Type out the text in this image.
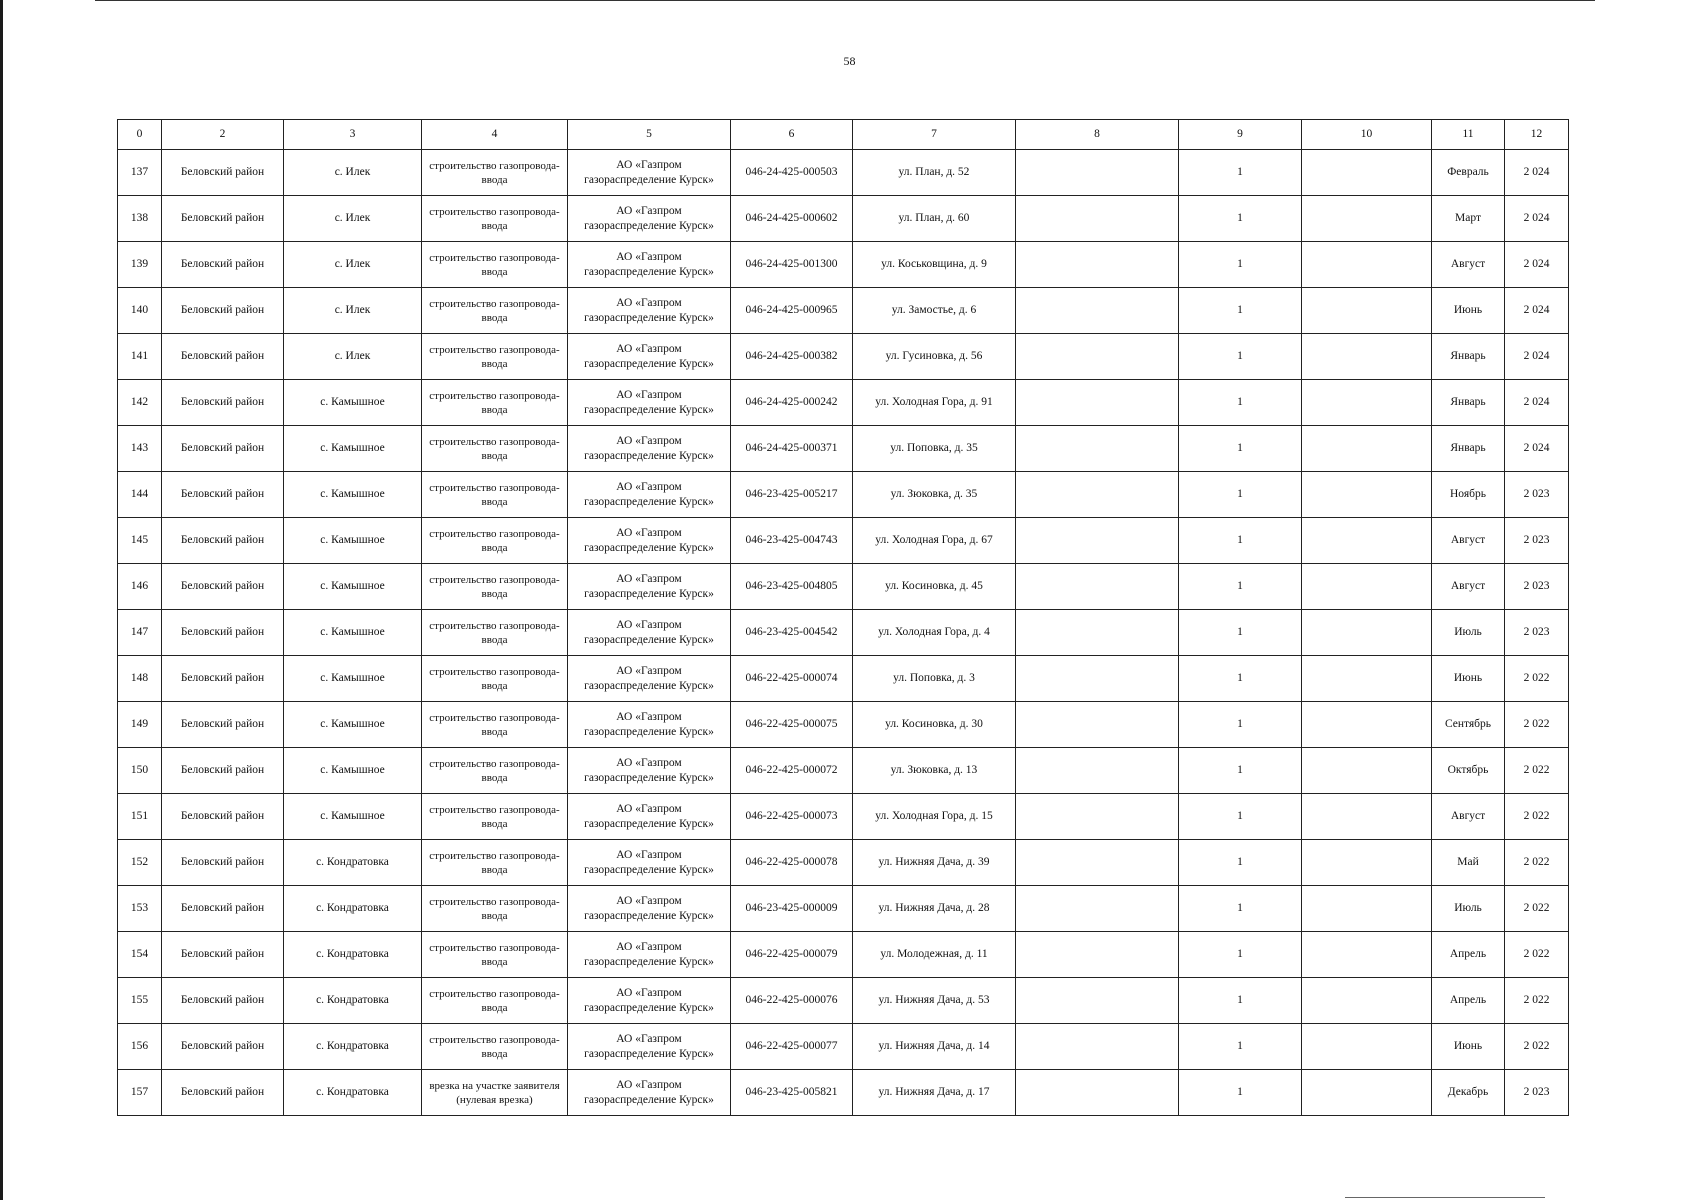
58
0	2	3	4	5	6	7	8	9	10	11	12
137	Беловский район	с. Илек	строительство газопровода-ввода	АО «Газпром газораспределение Курск»	046-24-425-000503	ул. План, д. 52		1		Февраль	2 024
138	Беловский район	с. Илек	строительство газопровода-ввода	АО «Газпром газораспределение Курск»	046-24-425-000602	ул. План, д. 60		1		Март	2 024
139	Беловский район	с. Илек	строительство газопровода-ввода	АО «Газпром газораспределение Курск»	046-24-425-001300	ул. Коськовщина, д. 9		1		Август	2 024
140	Беловский район	с. Илек	строительство газопровода-ввода	АО «Газпром газораспределение Курск»	046-24-425-000965	ул. Замостье, д. 6		1		Июнь	2 024
141	Беловский район	с. Илек	строительство газопровода-ввода	АО «Газпром газораспределение Курск»	046-24-425-000382	ул. Гусиновка, д. 56		1		Январь	2 024
142	Беловский район	с. Камышное	строительство газопровода-ввода	АО «Газпром газораспределение Курск»	046-24-425-000242	ул. Холодная Гора, д. 91		1		Январь	2 024
143	Беловский район	с. Камышное	строительство газопровода-ввода	АО «Газпром газораспределение Курск»	046-24-425-000371	ул. Поповка, д. 35		1		Январь	2 024
144	Беловский район	с. Камышное	строительство газопровода-ввода	АО «Газпром газораспределение Курск»	046-23-425-005217	ул. Зюковка, д. 35		1		Ноябрь	2 023
145	Беловский район	с. Камышное	строительство газопровода-ввода	АО «Газпром газораспределение Курск»	046-23-425-004743	ул. Холодная Гора, д. 67		1		Август	2 023
146	Беловский район	с. Камышное	строительство газопровода-ввода	АО «Газпром газораспределение Курск»	046-23-425-004805	ул. Косиновка, д. 45		1		Август	2 023
147	Беловский район	с. Камышное	строительство газопровода-ввода	АО «Газпром газораспределение Курск»	046-23-425-004542	ул. Холодная Гора, д. 4		1		Июль	2 023
148	Беловский район	с. Камышное	строительство газопровода-ввода	АО «Газпром газораспределение Курск»	046-22-425-000074	ул. Поповка, д. 3		1		Июнь	2 022
149	Беловский район	с. Камышное	строительство газопровода-ввода	АО «Газпром газораспределение Курск»	046-22-425-000075	ул. Косиновка, д. 30		1		Сентябрь	2 022
150	Беловский район	с. Камышное	строительство газопровода-ввода	АО «Газпром газораспределение Курск»	046-22-425-000072	ул. Зюковка, д. 13		1		Октябрь	2 022
151	Беловский район	с. Камышное	строительство газопровода-ввода	АО «Газпром газораспределение Курск»	046-22-425-000073	ул. Холодная Гора, д. 15		1		Август	2 022
152	Беловский район	с. Кондратовка	строительство газопровода-ввода	АО «Газпром газораспределение Курск»	046-22-425-000078	ул. Нижняя Дача, д. 39		1		Май	2 022
153	Беловский район	с. Кондратовка	строительство газопровода-ввода	АО «Газпром газораспределение Курск»	046-23-425-000009	ул. Нижняя Дача, д. 28		1		Июль	2 022
154	Беловский район	с. Кондратовка	строительство газопровода-ввода	АО «Газпром газораспределение Курск»	046-22-425-000079	ул. Молодежная, д. 11		1		Апрель	2 022
155	Беловский район	с. Кондратовка	строительство газопровода-ввода	АО «Газпром газораспределение Курск»	046-22-425-000076	ул. Нижняя Дача, д. 53		1		Апрель	2 022
156	Беловский район	с. Кондратовка	строительство газопровода-ввода	АО «Газпром газораспределение Курск»	046-22-425-000077	ул. Нижняя Дача, д. 14		1		Июнь	2 022
157	Беловский район	с. Кондратовка	врезка на участке заявителя (нулевая врезка)	АО «Газпром газораспределение Курск»	046-23-425-005821	ул. Нижняя Дача, д. 17		1		Декабрь	2 023
